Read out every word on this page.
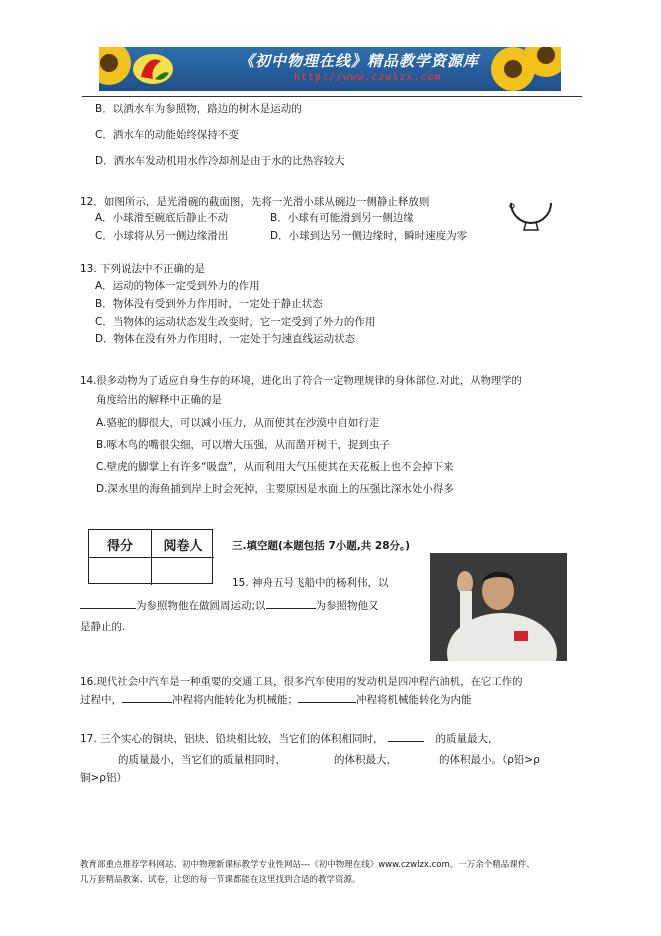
《初中物理在线》精品教学资源库
http://www.czwlzx.com
B．以洒水车为参照物，路边的树木是运动的
C．洒水车的动能始终保持不变
D．洒水车发动机用水作冷却剂是由于水的比热容较大
12．如图所示，是光滑碗的截面图，先将一光滑小球从碗边一侧静止释放则
A．小球滑至碗底后静止不动	B．小球有可能滑到另一侧边缘
C．小球将从另一侧边缘滑出	D．小球到达另一侧边缘时，瞬时速度为零
13. 下列说法中不正确的是
A．运动的物体一定受到外力的作用
B．物体没有受到外力作用时，一定处于静止状态
C．当物体的运动状态发生改变时，它一定受到了外力的作用
D．物体在没有外力作用时，一定处于匀速直线运动状态
14.很多动物为了适应自身生存的环境，进化出了符合一定物理规律的身体部位.对此，从物理学的
角度给出的解释中正确的是
A.骆驼的脚很大，可以减小压力，从而使其在沙漠中自如行走
B.啄木鸟的嘴很尖细，可以增大压强，从而凿开树干，捉到虫子
C.壁虎的脚掌上有许多“吸盘”，从而利用大气压使其在天花板上也不会掉下来
D.深水里的海鱼捕到岸上时会死掉，主要原因是水面上的压强比深水处小得多
得分	阅卷人	三.填空题(本题包括 7小题,共 28分。)
15. 神舟五号飞船中的杨利伟，以
为参照物他在做圆周运动;以	为参照物他又
是静止的.
16.现代社会中汽车是一种重要的交通工具，很多汽车使用的发动机是四冲程汽油机，在它工作的
过程中，	冲程将内能转化为机械能；	冲程将机械能转化为内能
17. 三个实心的铜块，铝块、铅块相比较，当它们的体积相同时，	的质量最大，
的质量最小，当它们的质量相同时，	的体积最大，	的体积最小。（ρ铅>ρ
铜>ρ铝）
教育部重点推荐学科网站、初中物理新课标教学专业性网站---《初中物理在线》www.czwlzx.com。一万余个精品课件、
几万套精品教案、试卷，让您的每一节课都能在这里找到合适的教学资源。
